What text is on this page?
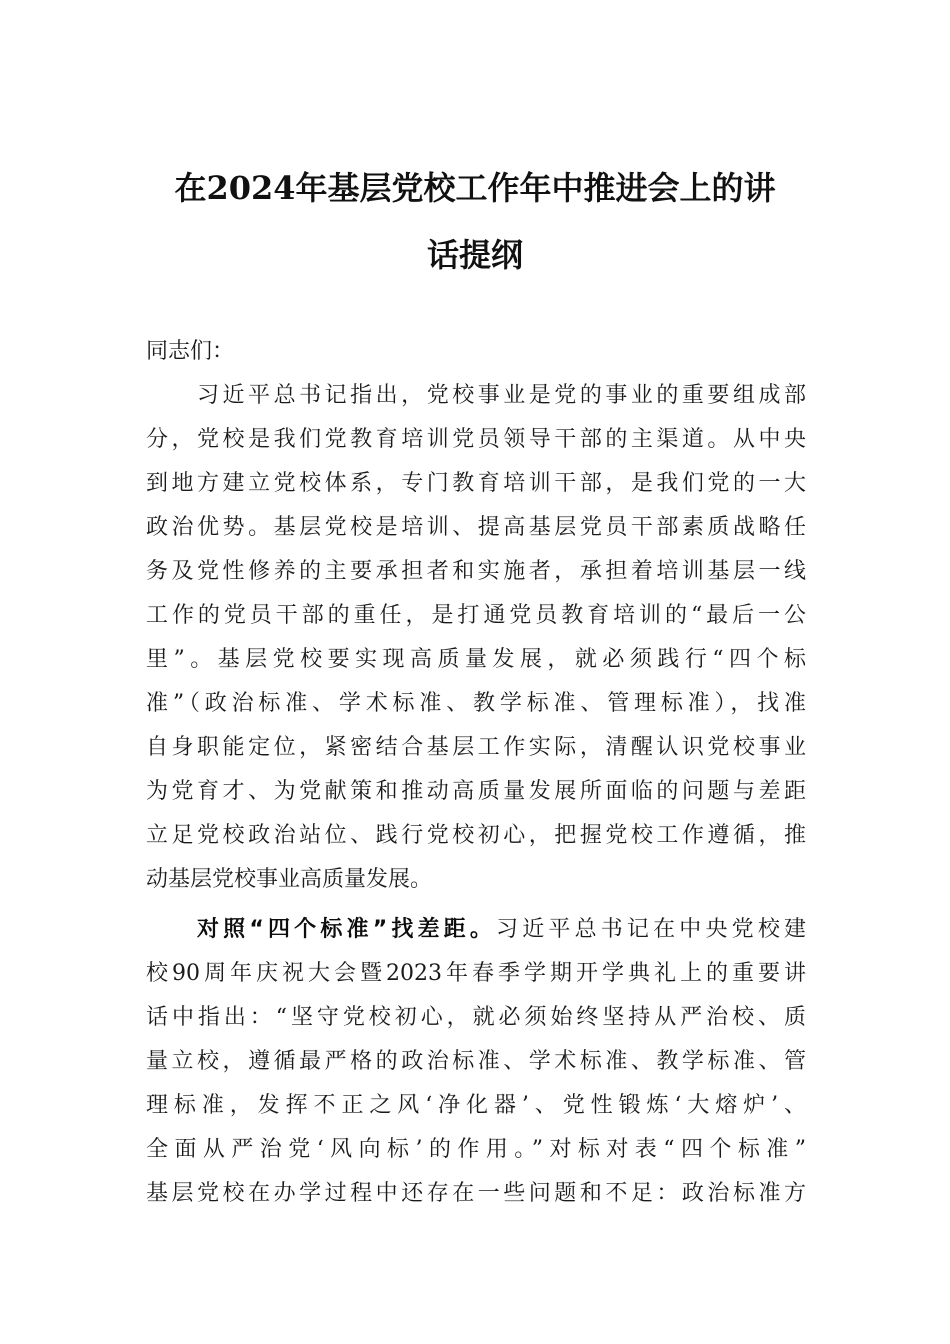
在2024年基层党校工作年中推进会上的讲
话提纲
同志们：
习近平总书记指出，党校事业是党的事业的重要组成部
分，党校是我们党教育培训党员领导干部的主渠道。从中央
到地方建立党校体系，专门教育培训干部，是我们党的一大
政治优势。基层党校是培训、提高基层党员干部素质战略任
务及党性修养的主要承担者和实施者，承担着培训基层一线
工作的党员干部的重任，是打通党员教育培训的“最后一公
里”。基层党校要实现高质量发展，就必须践行“四个标
准”（政治标准、学术标准、教学标准、管理标准），找准
自身职能定位，紧密结合基层工作实际，清醒认识党校事业
为党育才、为党献策和推动高质量发展所面临的问题与差距
立足党校政治站位、践行党校初心，把握党校工作遵循，推
动基层党校事业高质量发展。
对照“四个标准”找差距。习近平总书记在中央党校建
校90周年庆祝大会暨2023年春季学期开学典礼上的重要讲
话中指出：“坚守党校初心，就必须始终坚持从严治校、质
量立校，遵循最严格的政治标准、学术标准、教学标准、管
理标准，发挥不正之风‘净化器’、党性锻炼‘大熔炉’、
全面从严治党‘风向标’的作用。”对标对表“四个标准”
基层党校在办学过程中还存在一些问题和不足：政治标准方
